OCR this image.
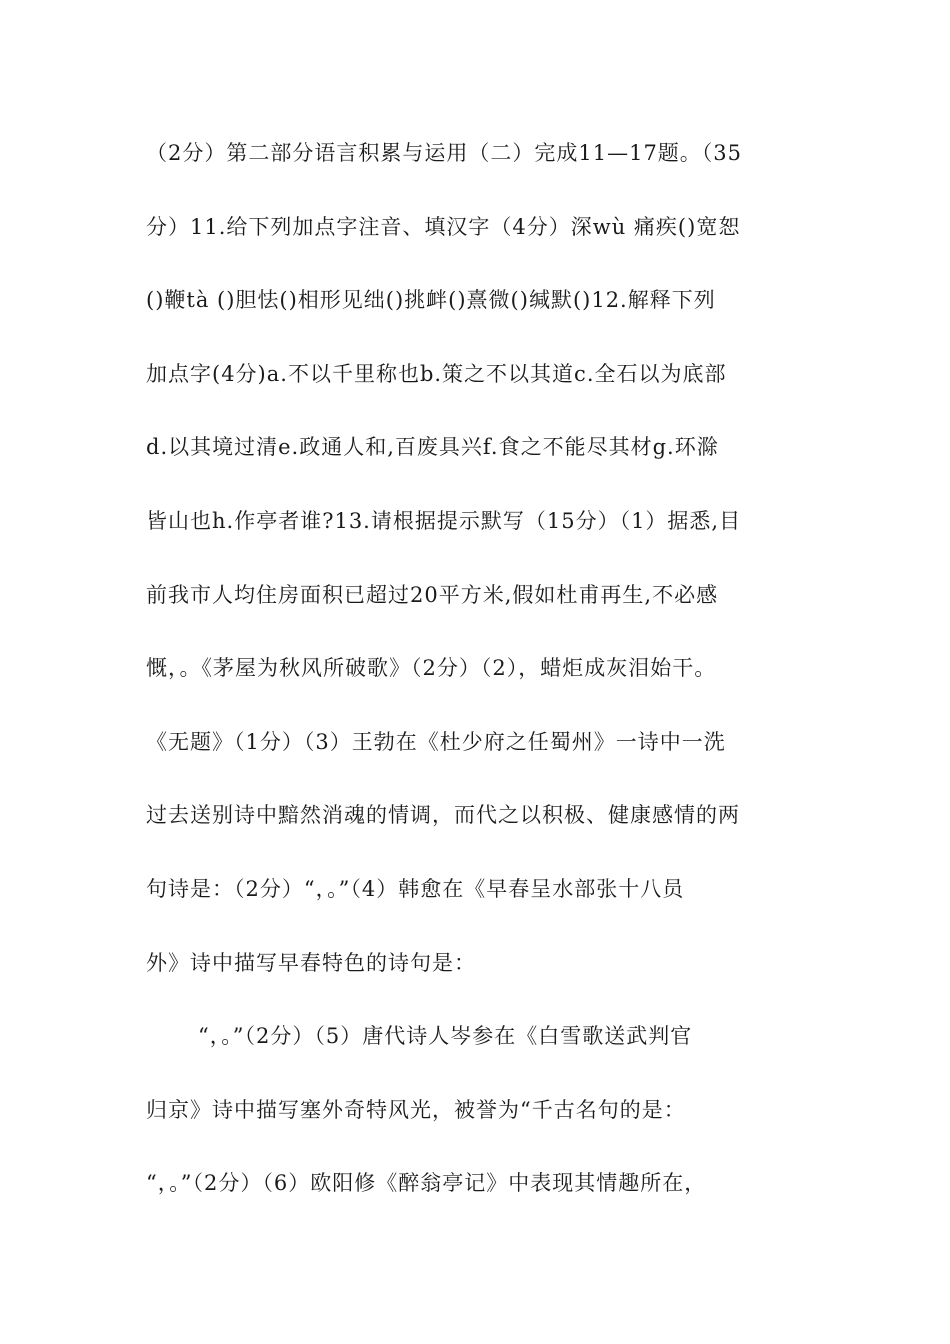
（2分）第二部分语言积累与运用（二）完成11—17题。（35
分）11.给下列加点字注音、填汉字（4分）深wù 痛疾()宽恕
()鞭tà ()胆怯()相形见绌()挑衅()熹微()缄默()12.解释下列
加点字(4分)a.不以千里称也b.策之不以其道c.全石以为底部
d.以其境过清e.政通人和,百废具兴f.食之不能尽其材g.环滁
皆山也h.作亭者谁?13.请根据提示默写（15分）（1）据悉,目
前我市人均住房面积已超过20平方米,假如杜甫再生,不必感
慨，。《茅屋为秋风所破歌》（2分）（2），蜡炬成灰泪始干。
《无题》（1分）（3）王勃在《杜少府之任蜀州》一诗中一洗
过去送别诗中黯然消魂的情调，而代之以积极、健康感情的两
句诗是：（2分）“，。”（4）韩愈在《早春呈水部张十八员
外》诗中描写早春特色的诗句是：
“，。”（2分）（5）唐代诗人岑参在《白雪歌送武判官
归京》诗中描写塞外奇特风光，被誉为“千古名句的是：
“，。”（2分）（6）欧阳修《醉翁亭记》中表现其情趣所在，
